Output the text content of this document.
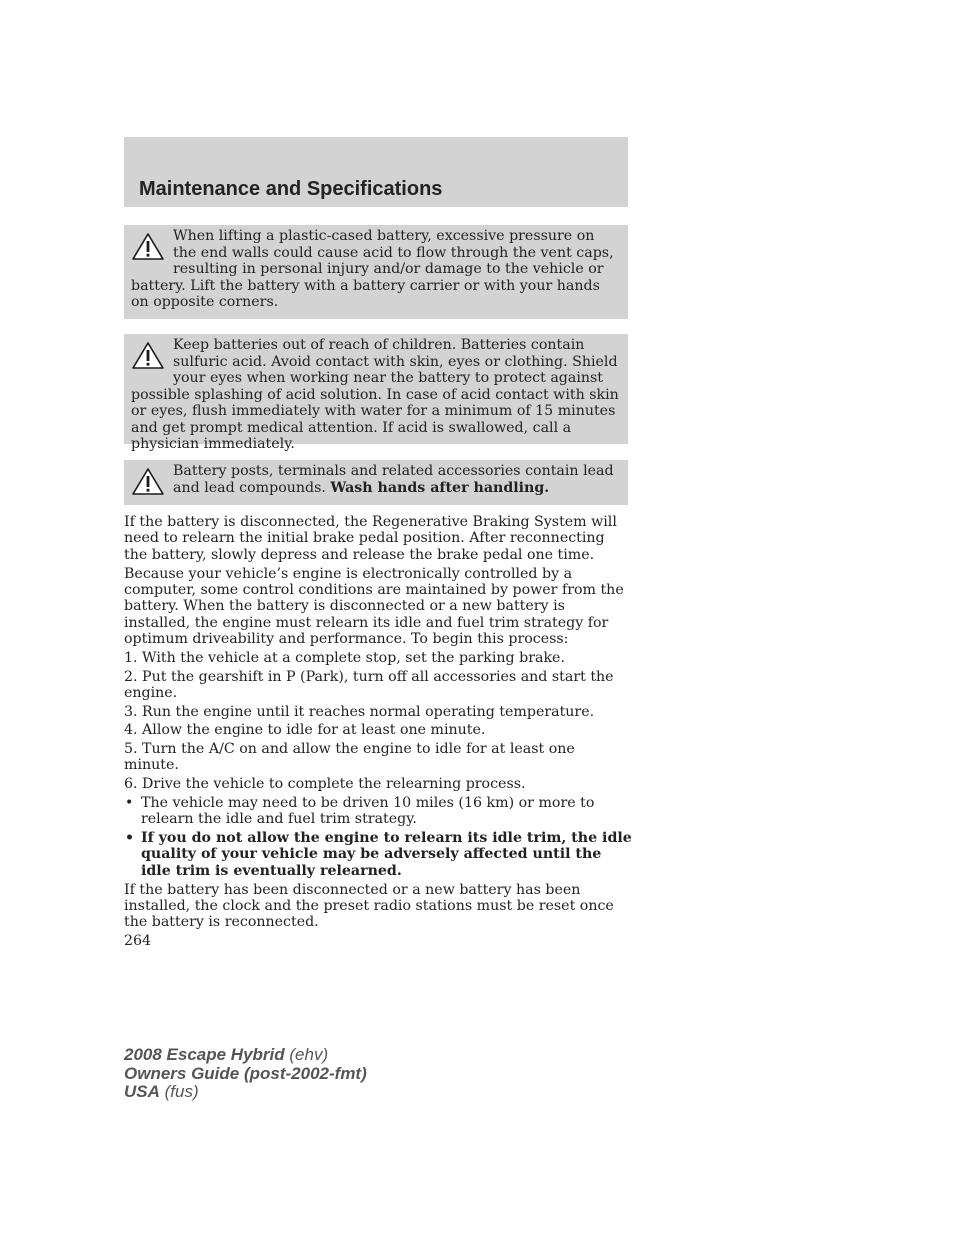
Maintenance and Specifications
When lifting a plastic-cased battery, excessive pressure on the end walls could cause acid to flow through the vent caps, resulting in personal injury and/or damage to the vehicle or battery. Lift the battery with a battery carrier or with your hands on opposite corners.
Keep batteries out of reach of children. Batteries contain sulfuric acid. Avoid contact with skin, eyes or clothing. Shield your eyes when working near the battery to protect against possible splashing of acid solution. In case of acid contact with skin or eyes, flush immediately with water for a minimum of 15 minutes and get prompt medical attention. If acid is swallowed, call a physician immediately.
Battery posts, terminals and related accessories contain lead and lead compounds. Wash hands after handling.

If the battery is disconnected, the Regenerative Braking System will need to relearn the initial brake pedal position. After reconnecting the battery, slowly depress and release the brake pedal one time.

Because your vehicle’s engine is electronically controlled by a computer, some control conditions are maintained by power from the battery. When the battery is disconnected or a new battery is installed, the engine must relearn its idle and fuel trim strategy for optimum driveability and performance. To begin this process:

1. With the vehicle at a complete stop, set the parking brake.

2. Put the gearshift in P (Park), turn off all accessories and start the engine.

3. Run the engine until it reaches normal operating temperature.

4. Allow the engine to idle for at least one minute.

5. Turn the A/C on and allow the engine to idle for at least one minute.

6. Drive the vehicle to complete the relearning process.

• The vehicle may need to be driven 10 miles (16 km) or more to relearn the idle and fuel trim strategy.
• If you do not allow the engine to relearn its idle trim, the idle quality of your vehicle may be adversely affected until the idle trim is eventually relearned.

If the battery has been disconnected or a new battery has been installed, the clock and the preset radio stations must be reset once the battery is reconnected.

264

2008 Escape Hybrid (ehv)
Owners Guide (post-2002-fmt)
USA (fus)
